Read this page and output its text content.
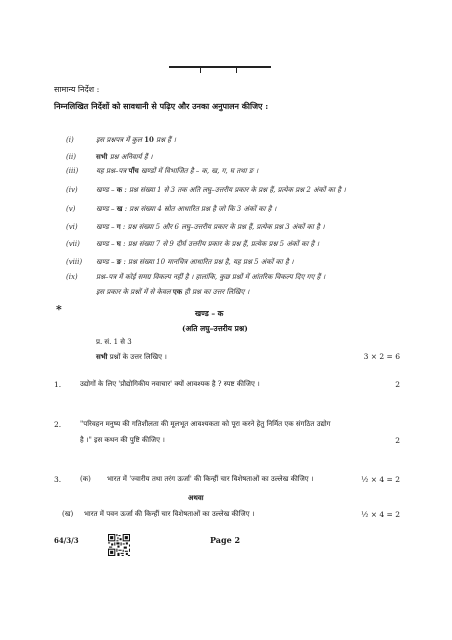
सामान्य निर्देश :
निम्नलिखित निर्देशों को सावधानी से पढ़िए और उनका अनुपालन कीजिए :
(i)	इस प्रश्नपत्र में कुल 10 प्रश्न हैं ।
(ii)	सभी प्रश्न अनिवार्य हैं ।
(iii)	यह प्रश्न–पत्र पाँच खण्डों में विभाजित है – क, ख, ग, घ तथा ङ ।
(iv)	खण्ड – क : प्रश्न संख्या 1 से 3 तक अति लघु–उत्तरीय प्रकार के प्रश्न हैं, प्रत्येक प्रश्न 2 अंकों का है ।
(v)	खण्ड – ख : प्रश्न संख्या 4 स्रोत आधारित प्रश्न है जो कि 3 अंकों का है ।
(vi)	खण्ड – ग : प्रश्न संख्या 5 और 6 लघु–उत्तरीय प्रकार के प्रश्न हैं, प्रत्येक प्रश्न 3 अंकों का है ।
(vii) खण्ड – घ : प्रश्न संख्या 7 से 9 दीर्घ उत्तरीय प्रकार के प्रश्न हैं, प्रत्येक प्रश्न 5 अंकों का है ।
(viii) खण्ड – ङ : प्रश्न संख्या 10 मानचित्र आधारित प्रश्न है, यह प्रश्न 5 अंकों का है ।
(ix)	प्रश्न–पत्र में कोई समग्र विकल्प नहीं है । हालांकि, कुछ प्रश्नों में आंतरिक विकल्प दिए गए हैं ।
इस प्रकार के प्रश्नों में से केवल एक ही प्रश्न का उत्तर लिखिए ।
*	खण्ड – क
(अति लघु–उत्तरीय प्रश्न)
प्र. सं. 1 से 3
सभी प्रश्नों के उत्तर लिखिए ।	3 × 2 = 6
1.	उद्योगों के लिए 'प्रौद्योगिकीय नवाचार' क्यों आवश्यक है ? स्पष्ट कीजिए ।	2
2.	"परिवहन मनुष्य की गतिशीलता की मूलभूत आवश्यकता को पूरा करने हेतु निर्मित एक संगठित उद्योग
है ।" इस कथन की पुष्टि कीजिए ।	2
3.	(क) भारत में 'ज्वारीय तथा तरंग ऊर्जा' की किन्हीं चार विशेषताओं का उल्लेख कीजिए ।	½ × 4 = 2
अथवा
(ख) भारत में पवन ऊर्जा की किन्हीं चार विशेषताओं का उल्लेख कीजिए ।	½ × 4 = 2
64/3/3	Page 2
